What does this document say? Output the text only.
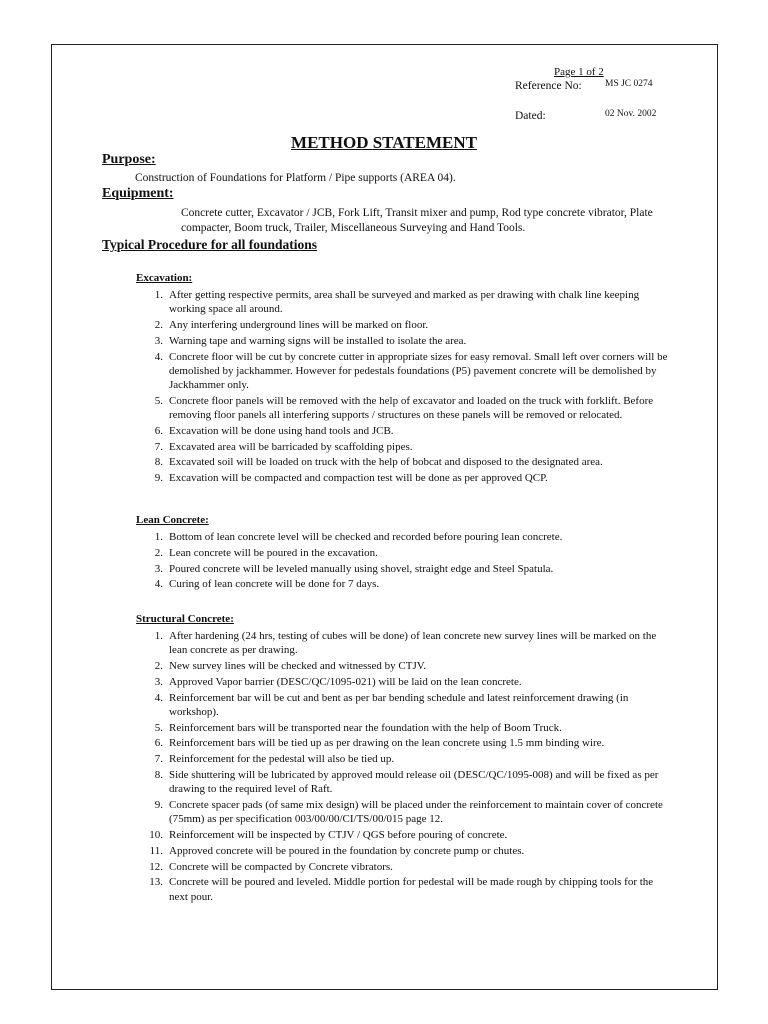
Page 1 of 2
Reference No: MS JC 0274
Dated:	02 Nov. 2002
METHOD STATEMENT
Purpose:
Construction of Foundations for Platform / Pipe supports (AREA 04).
Equipment:
Concrete cutter, Excavator / JCB, Fork Lift, Transit mixer and pump, Rod type concrete vibrator, Plate compacter, Boom truck, Trailer, Miscellaneous Surveying and Hand Tools.
Typical Procedure for all foundations
Excavation:
1. After getting respective permits, area shall be surveyed and marked as per drawing with chalk line keeping working space all around.
2. Any interfering underground lines will be marked on floor.
3. Warning tape and warning signs will be installed to isolate the area.
4. Concrete floor will be cut by concrete cutter in appropriate sizes for easy removal. Small left over corners will be demolished by jackhammer. However for pedestals foundations (P5) pavement concrete will be demolished by Jackhammer only.
5. Concrete floor panels will be removed with the help of excavator and loaded on the truck with forklift. Before removing floor panels all interfering supports / structures on these panels will be removed or relocated.
6. Excavation will be done using hand tools and JCB.
7. Excavated area will be barricaded by scaffolding pipes.
8. Excavated soil will be loaded on truck with the help of bobcat and disposed to the designated area.
9. Excavation will be compacted and compaction test will be done as per approved QCP.
Lean Concrete:
1. Bottom of lean concrete level will be checked and recorded before pouring lean concrete.
2. Lean concrete will be poured in the excavation.
3. Poured concrete will be leveled manually using shovel, straight edge and Steel Spatula.
4. Curing of lean concrete will be done for 7 days.
Structural Concrete:
1. After hardening (24 hrs, testing of cubes will be done) of lean concrete new survey lines will be marked on the lean concrete as per drawing.
2. New survey lines will be checked and witnessed by CTJV.
3. Approved Vapor barrier (DESC/QC/1095-021) will be laid on the lean concrete.
4. Reinforcement bar will be cut and bent as per bar bending schedule and latest reinforcement drawing (in workshop).
5. Reinforcement bars will be transported near the foundation with the help of Boom Truck.
6. Reinforcement bars will be tied up as per drawing on the lean concrete using 1.5 mm binding wire.
7. Reinforcement for the pedestal will also be tied up.
8. Side shuttering will be lubricated by approved mould release oil (DESC/QC/1095-008) and will be fixed as per drawing to the required level of Raft.
9. Concrete spacer pads (of same mix design) will be placed under the reinforcement to maintain cover of concrete (75mm) as per specification 003/00/00/CI/TS/00/015 page 12.
10. Reinforcement will be inspected by CTJV / QGS before pouring of concrete.
11. Approved concrete will be poured in the foundation by concrete pump or chutes.
12. Concrete will be compacted by Concrete vibrators.
13. Concrete will be poured and leveled. Middle portion for pedestal will be made rough by chipping tools for the next pour.
